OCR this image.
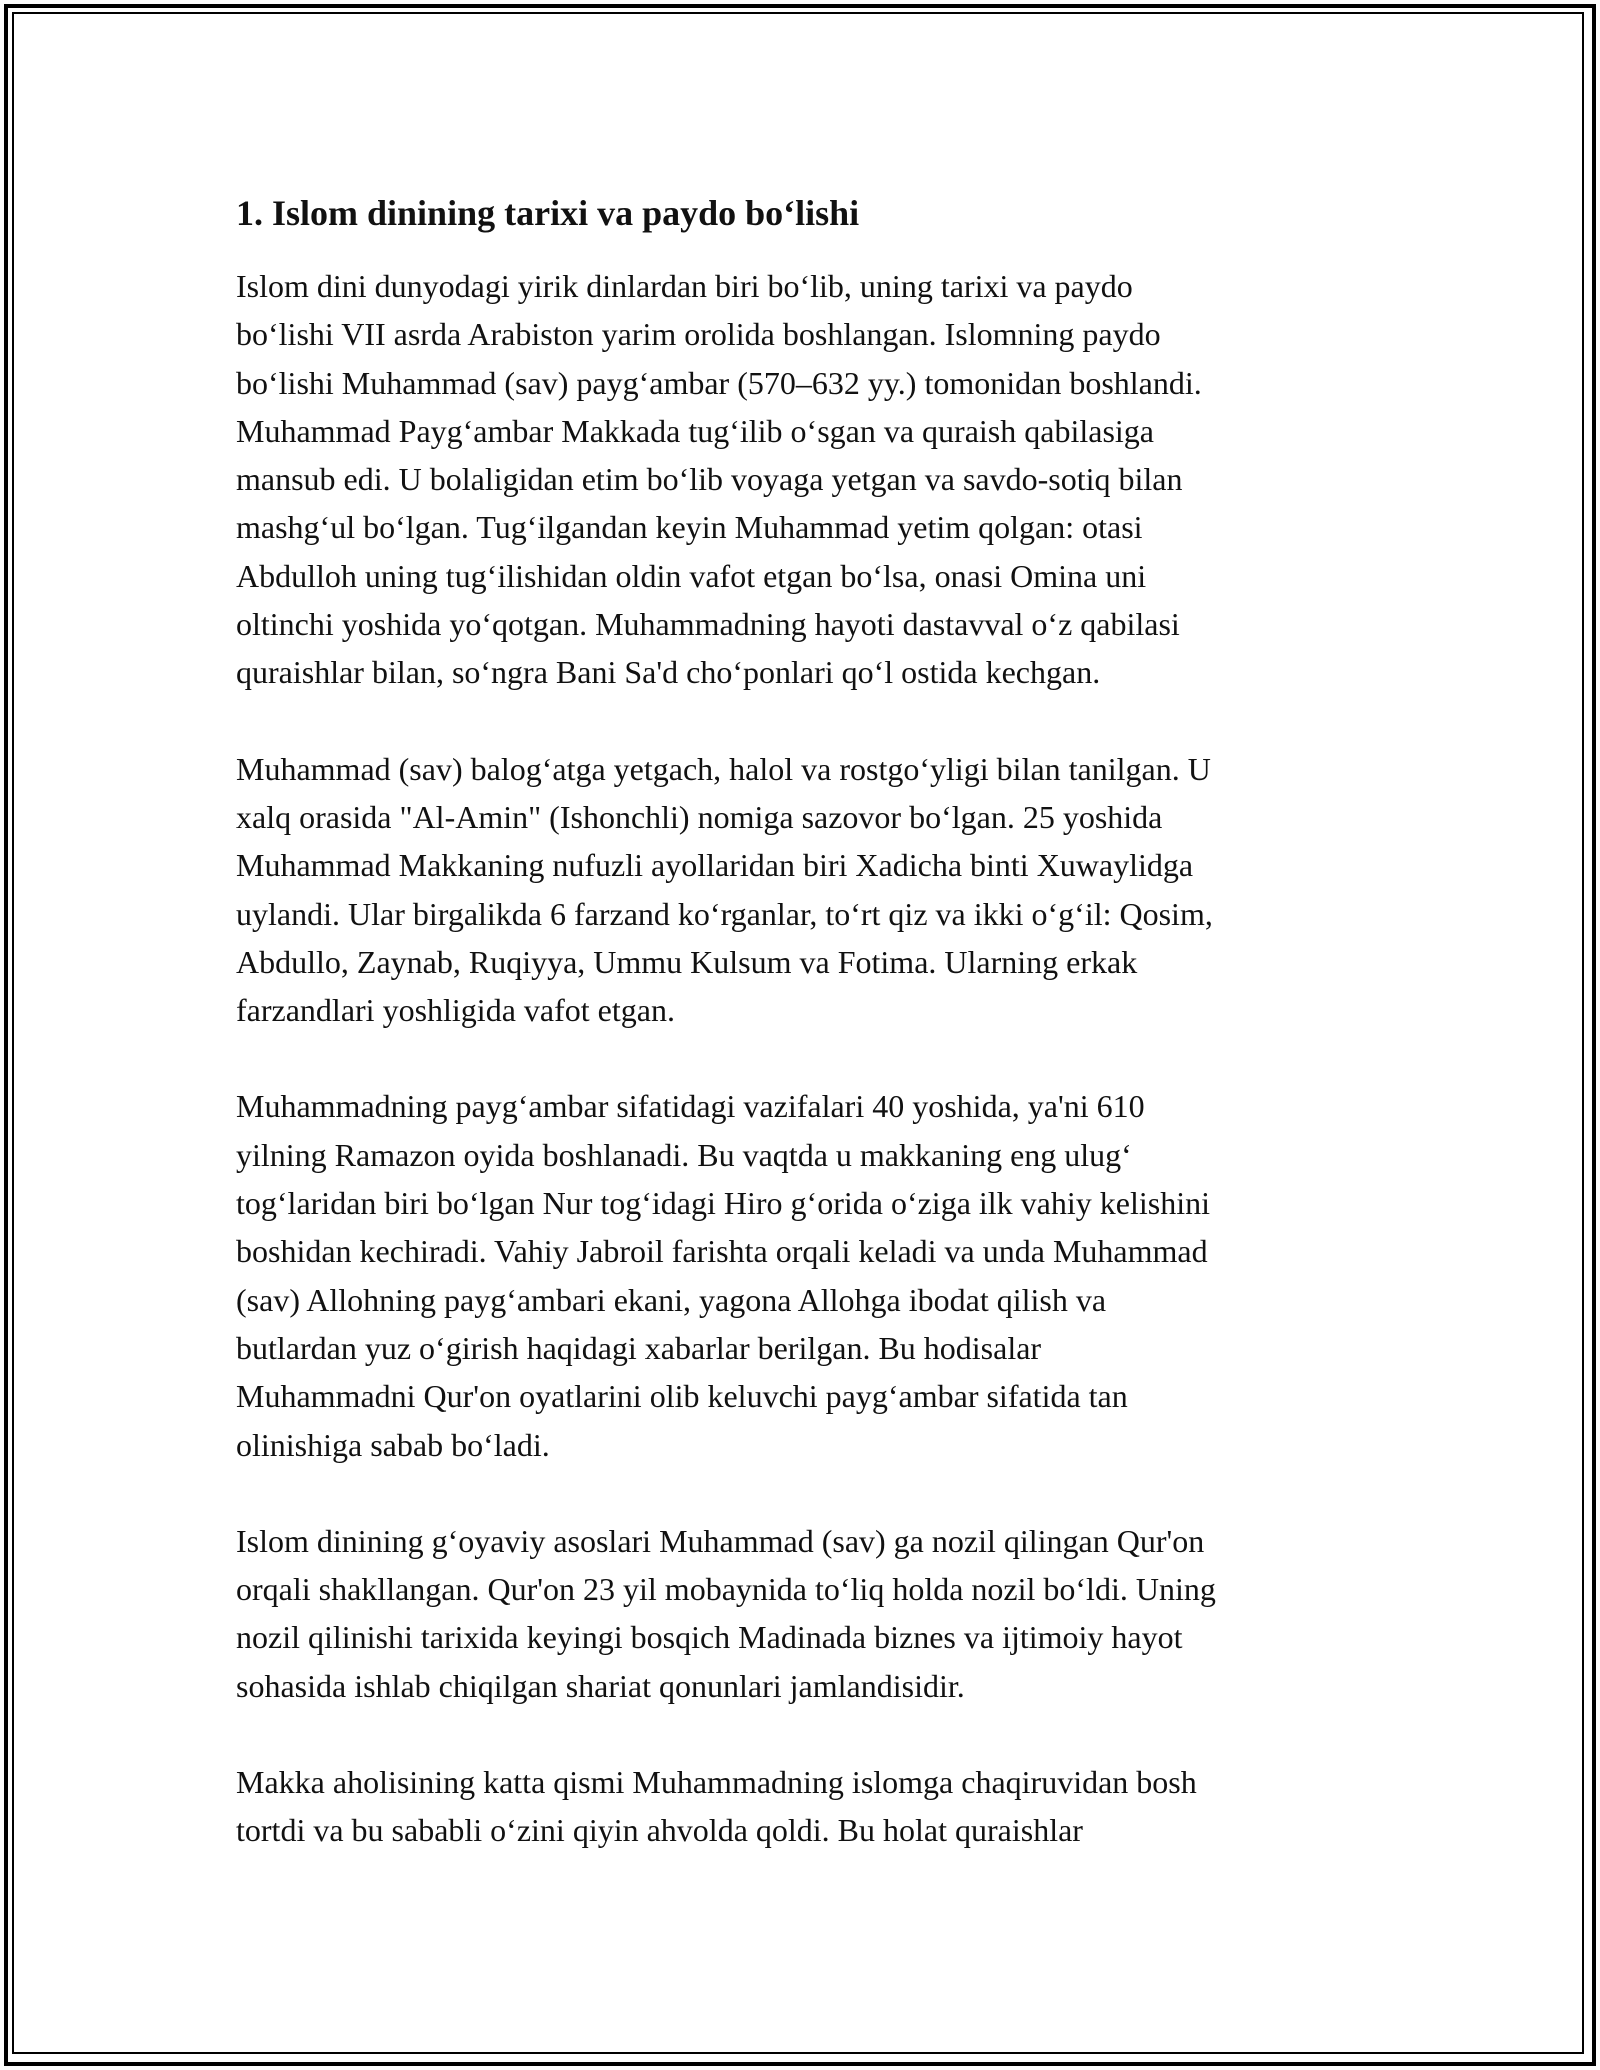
1. Islom dinining tarixi va paydo bo‘lishi
Islom dini dunyodagi yirik dinlardan biri bo‘lib, uning tarixi va paydo
bo‘lishi VII asrda Arabiston yarim orolida boshlangan. Islomning paydo
bo‘lishi Muhammad (sav) payg‘ambar (570–632 yy.) tomonidan boshlandi.
Muhammad Payg‘ambar Makkada tug‘ilib o‘sgan va quraish qabilasiga
mansub edi. U bolaligidan etim bo‘lib voyaga yetgan va savdo-sotiq bilan
mashg‘ul bo‘lgan. Tug‘ilgandan keyin Muhammad yetim qolgan: otasi
Abdulloh uning tug‘ilishidan oldin vafot etgan bo‘lsa, onasi Omina uni
oltinchi yoshida yo‘qotgan. Muhammadning hayoti dastavval o‘z qabilasi
quraishlar bilan, so‘ngra Bani Sa'd cho‘ponlari qo‘l ostida kechgan.
Muhammad (sav) balog‘atga yetgach, halol va rostgo‘yligi bilan tanilgan. U
xalq orasida "Al-Amin" (Ishonchli) nomiga sazovor bo‘lgan. 25 yoshida
Muhammad Makkaning nufuzli ayollaridan biri Xadicha binti Xuwaylidga
uylandi. Ular birgalikda 6 farzand ko‘rganlar, to‘rt qiz va ikki o‘g‘il: Qosim,
Abdullo, Zaynab, Ruqiyya, Ummu Kulsum va Fotima. Ularning erkak
farzandlari yoshligida vafot etgan.
Muhammadning payg‘ambar sifatidagi vazifalari 40 yoshida, ya'ni 610
yilning Ramazon oyida boshlanadi. Bu vaqtda u makkaning eng ulug‘
tog‘laridan biri bo‘lgan Nur tog‘idagi Hiro g‘orida o‘ziga ilk vahiy kelishini
boshidan kechiradi. Vahiy Jabroil farishta orqali keladi va unda Muhammad
(sav) Allohning payg‘ambari ekani, yagona Allohga ibodat qilish va
butlardan yuz o‘girish haqidagi xabarlar berilgan. Bu hodisalar
Muhammadni Qur'on oyatlarini olib keluvchi payg‘ambar sifatida tan
olinishiga sabab bo‘ladi.
Islom dinining g‘oyaviy asoslari Muhammad (sav) ga nozil qilingan Qur'on
orqali shakllangan. Qur'on 23 yil mobaynida to‘liq holda nozil bo‘ldi. Uning
nozil qilinishi tarixida keyingi bosqich Madinada biznes va ijtimoiy hayot
sohasida ishlab chiqilgan shariat qonunlari jamlandisidir.
Makka aholisining katta qismi Muhammadning islomga chaqiruvidan bosh
tortdi va bu sababli o‘zini qiyin ahvolda qoldi. Bu holat quraishlar
